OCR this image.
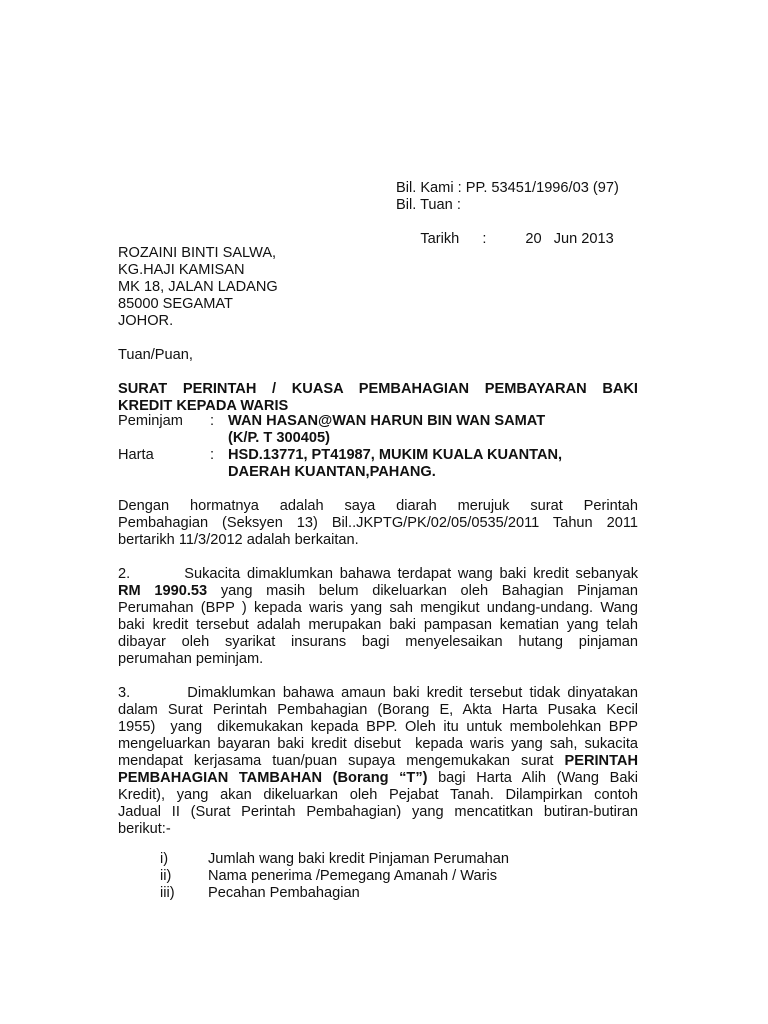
Bil. Kami : PP. 53451/1996/03 (97)
Bil. Tuan :

Tarikh :	20   Jun 2013

ROZAINI BINTI SALWA,
KG.HAJI KAMISAN
MK 18, JALAN LADANG
85000 SEGAMAT
JOHOR.
Tuan/Puan,
SURAT PERINTAH / KUASA PEMBAHAGIAN PEMBAYARAN BAKI
KREDIT KEPADA WARIS
Peminjam : WAN HASAN@WAN HARUN BIN WAN SAMAT
(K/P. T 300405)
Harta	: HSD.13771, PT41987, MUKIM KUALA KUANTAN,
DAERAH KUANTAN,PAHANG.
Dengan hormatnya adalah saya diarah merujuk surat Perintah
Pembahagian (Seksyen 13) Bil..JKPTG/PK/02/05/0535/2011 Tahun 2011
bertarikh 11/3/2012 adalah berkaitan.
2.        Sukacita dimaklumkan bahawa terdapat wang baki kredit sebanyak
RM 1990.53 yang masih belum dikeluarkan oleh Bahagian Pinjaman
Perumahan (BPP ) kepada waris yang sah mengikut undang-undang. Wang
baki kredit tersebut adalah merupakan baki pampasan kematian yang telah
dibayar oleh syarikat insurans bagi menyelesaikan hutang pinjaman
perumahan peminjam.
3.        Dimaklumkan bahawa amaun baki kredit tersebut tidak dinyatakan
dalam Surat Perintah Pembahagian (Borang E, Akta Harta Pusaka Kecil
1955)  yang  dikemukakan kepada BPP. Oleh itu untuk membolehkan BPP
mengeluarkan bayaran baki kredit disebut  kepada waris yang sah, sukacita
mendapat kerjasama tuan/puan supaya mengemukakan surat PERINTAH
PEMBAHAGIAN TAMBAHAN (Borang “T”) bagi Harta Alih (Wang Baki
Kredit), yang akan dikeluarkan oleh Pejabat Tanah. Dilampirkan contoh
Jadual II (Surat Perintah Pembahagian) yang mencatitkan butiran-butiran
berikut:-
i)	Jumlah wang baki kredit Pinjaman Perumahan
ii)	Nama penerima /Pemegang Amanah / Waris
iii) Pecahan Pembahagian
